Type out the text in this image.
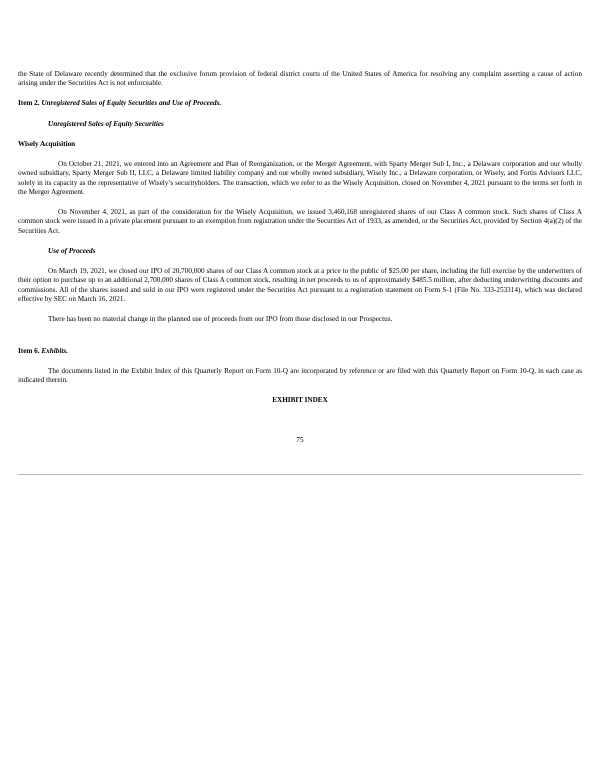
the State of Delaware recently determined that the exclusive forum provision of federal district courts of the United States of America for resolving any complaint asserting a cause of action arising under the Securities Act is not enforceable.

Item 2. Unregistered Sales of Equity Securities and Use of Proceeds.

Unregistered Sales of Equity Securities

Wisely Acquisition

On October 21, 2021, we entered into an Agreement and Plan of Reorganization, or the Merger Agreement, with Sparty Merger Sub I, Inc., a Delaware corporation and our wholly owned subsidiary, Sparty Merger Sub II, LLC, a Delaware limited liability company and our wholly owned subsidiary, Wisely Inc., a Delaware corporation, or Wisely, and Fortis Advisors LLC, solely in its capacity as the representative of Wisely’s securityholders. The transaction, which we refer to as the Wisely Acquisition, closed on November 4, 2021 pursuant to the terms set forth in the Merger Agreement.

On November 4, 2021, as part of the consideration for the Wisely Acquisition, we issued 3,460,168 unregistered shares of our Class A common stock. Such shares of Class A common stock were issued in a private placement pursuant to an exemption from registration under the Securities Act of 1933, as amended, or the Securities Act, provided by Section 4(a)(2) of the Securities Act.

Use of Proceeds

On March 19, 2021, we closed our IPO of 20,700,000 shares of our Class A common stock at a price to the public of $25.00 per share, including the full exercise by the underwriters of their option to purchase up to an additional 2,700,000 shares of Class A common stock, resulting in net proceeds to us of approximately $485.5 million, after deducting underwriting discounts and commissions. All of the shares issued and sold in our IPO were registered under the Securities Act pursuant to a registration statement on Form S-1 (File No. 333-253314), which was declared effective by SEC on March 16, 2021.

There has been no material change in the planned use of proceeds from our IPO from those disclosed in our Prospectus.

Item 6. Exhibits.

The documents listed in the Exhibit Index of this Quarterly Report on Form 10-Q are incorporated by reference or are filed with this Quarterly Report on Form 10-Q, in each case as indicated therein.

EXHIBIT INDEX

75
